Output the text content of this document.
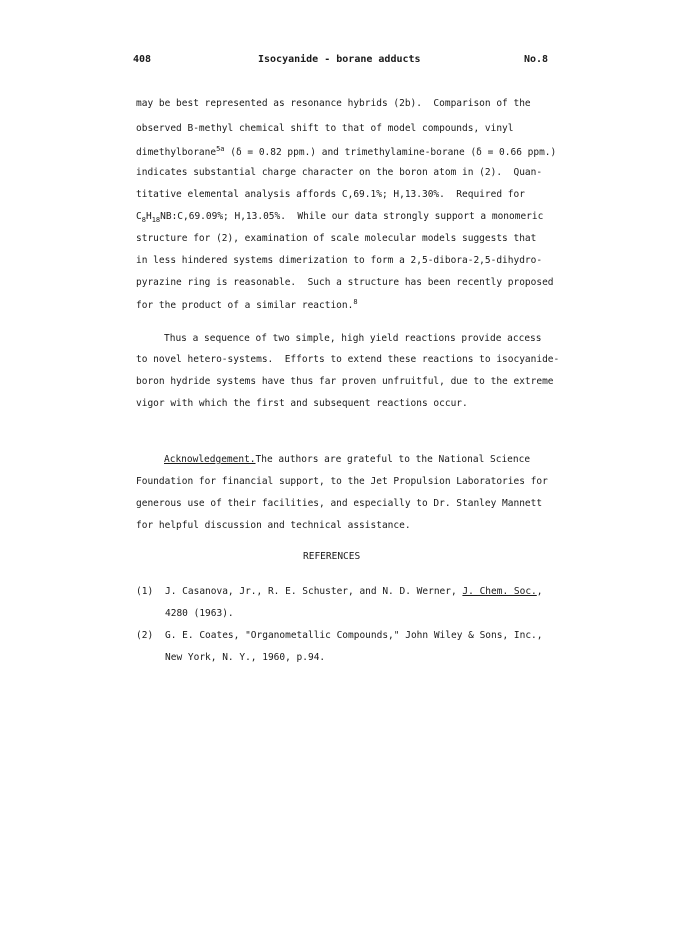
408	Isocyanide - borane adducts	No.8
may be best represented as resonance hybrids (2b).  Comparison of the
observed B-methyl chemical shift to that of model compounds, vinyl
dimethylborane$^{5a}$ (δ = 0.82 ppm.) and trimethylamine-borane (δ = 0.66 ppm.)
indicates substantial charge character on the boron atom in (2).  Quan-
titative elemental analysis affords C,69.1%; H,13.30%.  Required for
$C_8H_{18}NB:C,69.09\%$; H,13.05%.  While our data strongly support a monomeric
structure for (2), examination of scale molecular models suggests that
in less hindered systems dimerization to form a 2,5-dibora-2,5-dihydro-
pyrazine ring is reasonable.  Such a structure has been recently proposed
for the product of a similar reaction.$^8$
Thus a sequence of two simple, high yield reactions provide access
to novel hetero-systems.  Efforts to extend these reactions to isocyanide-
boron hydride systems have thus far proven unfruitful, due to the extreme
vigor with which the first and subsequent reactions occur.
Acknowledgement.The authors are grateful to the National Science
Foundation for financial support, to the Jet Propulsion Laboratories for
generous use of their facilities, and especially to Dr. Stanley Mannett
for helpful discussion and technical assistance.
REFERENCES
(1) J. Casanova, Jr., R. E. Schuster, and N. D. Werner, J. Chem. Soc.,
4280 (1963).
(2) G. E. Coates, "Organometallic Compounds," John Wiley & Sons, Inc.,
New York, N. Y., 1960, p.94.
